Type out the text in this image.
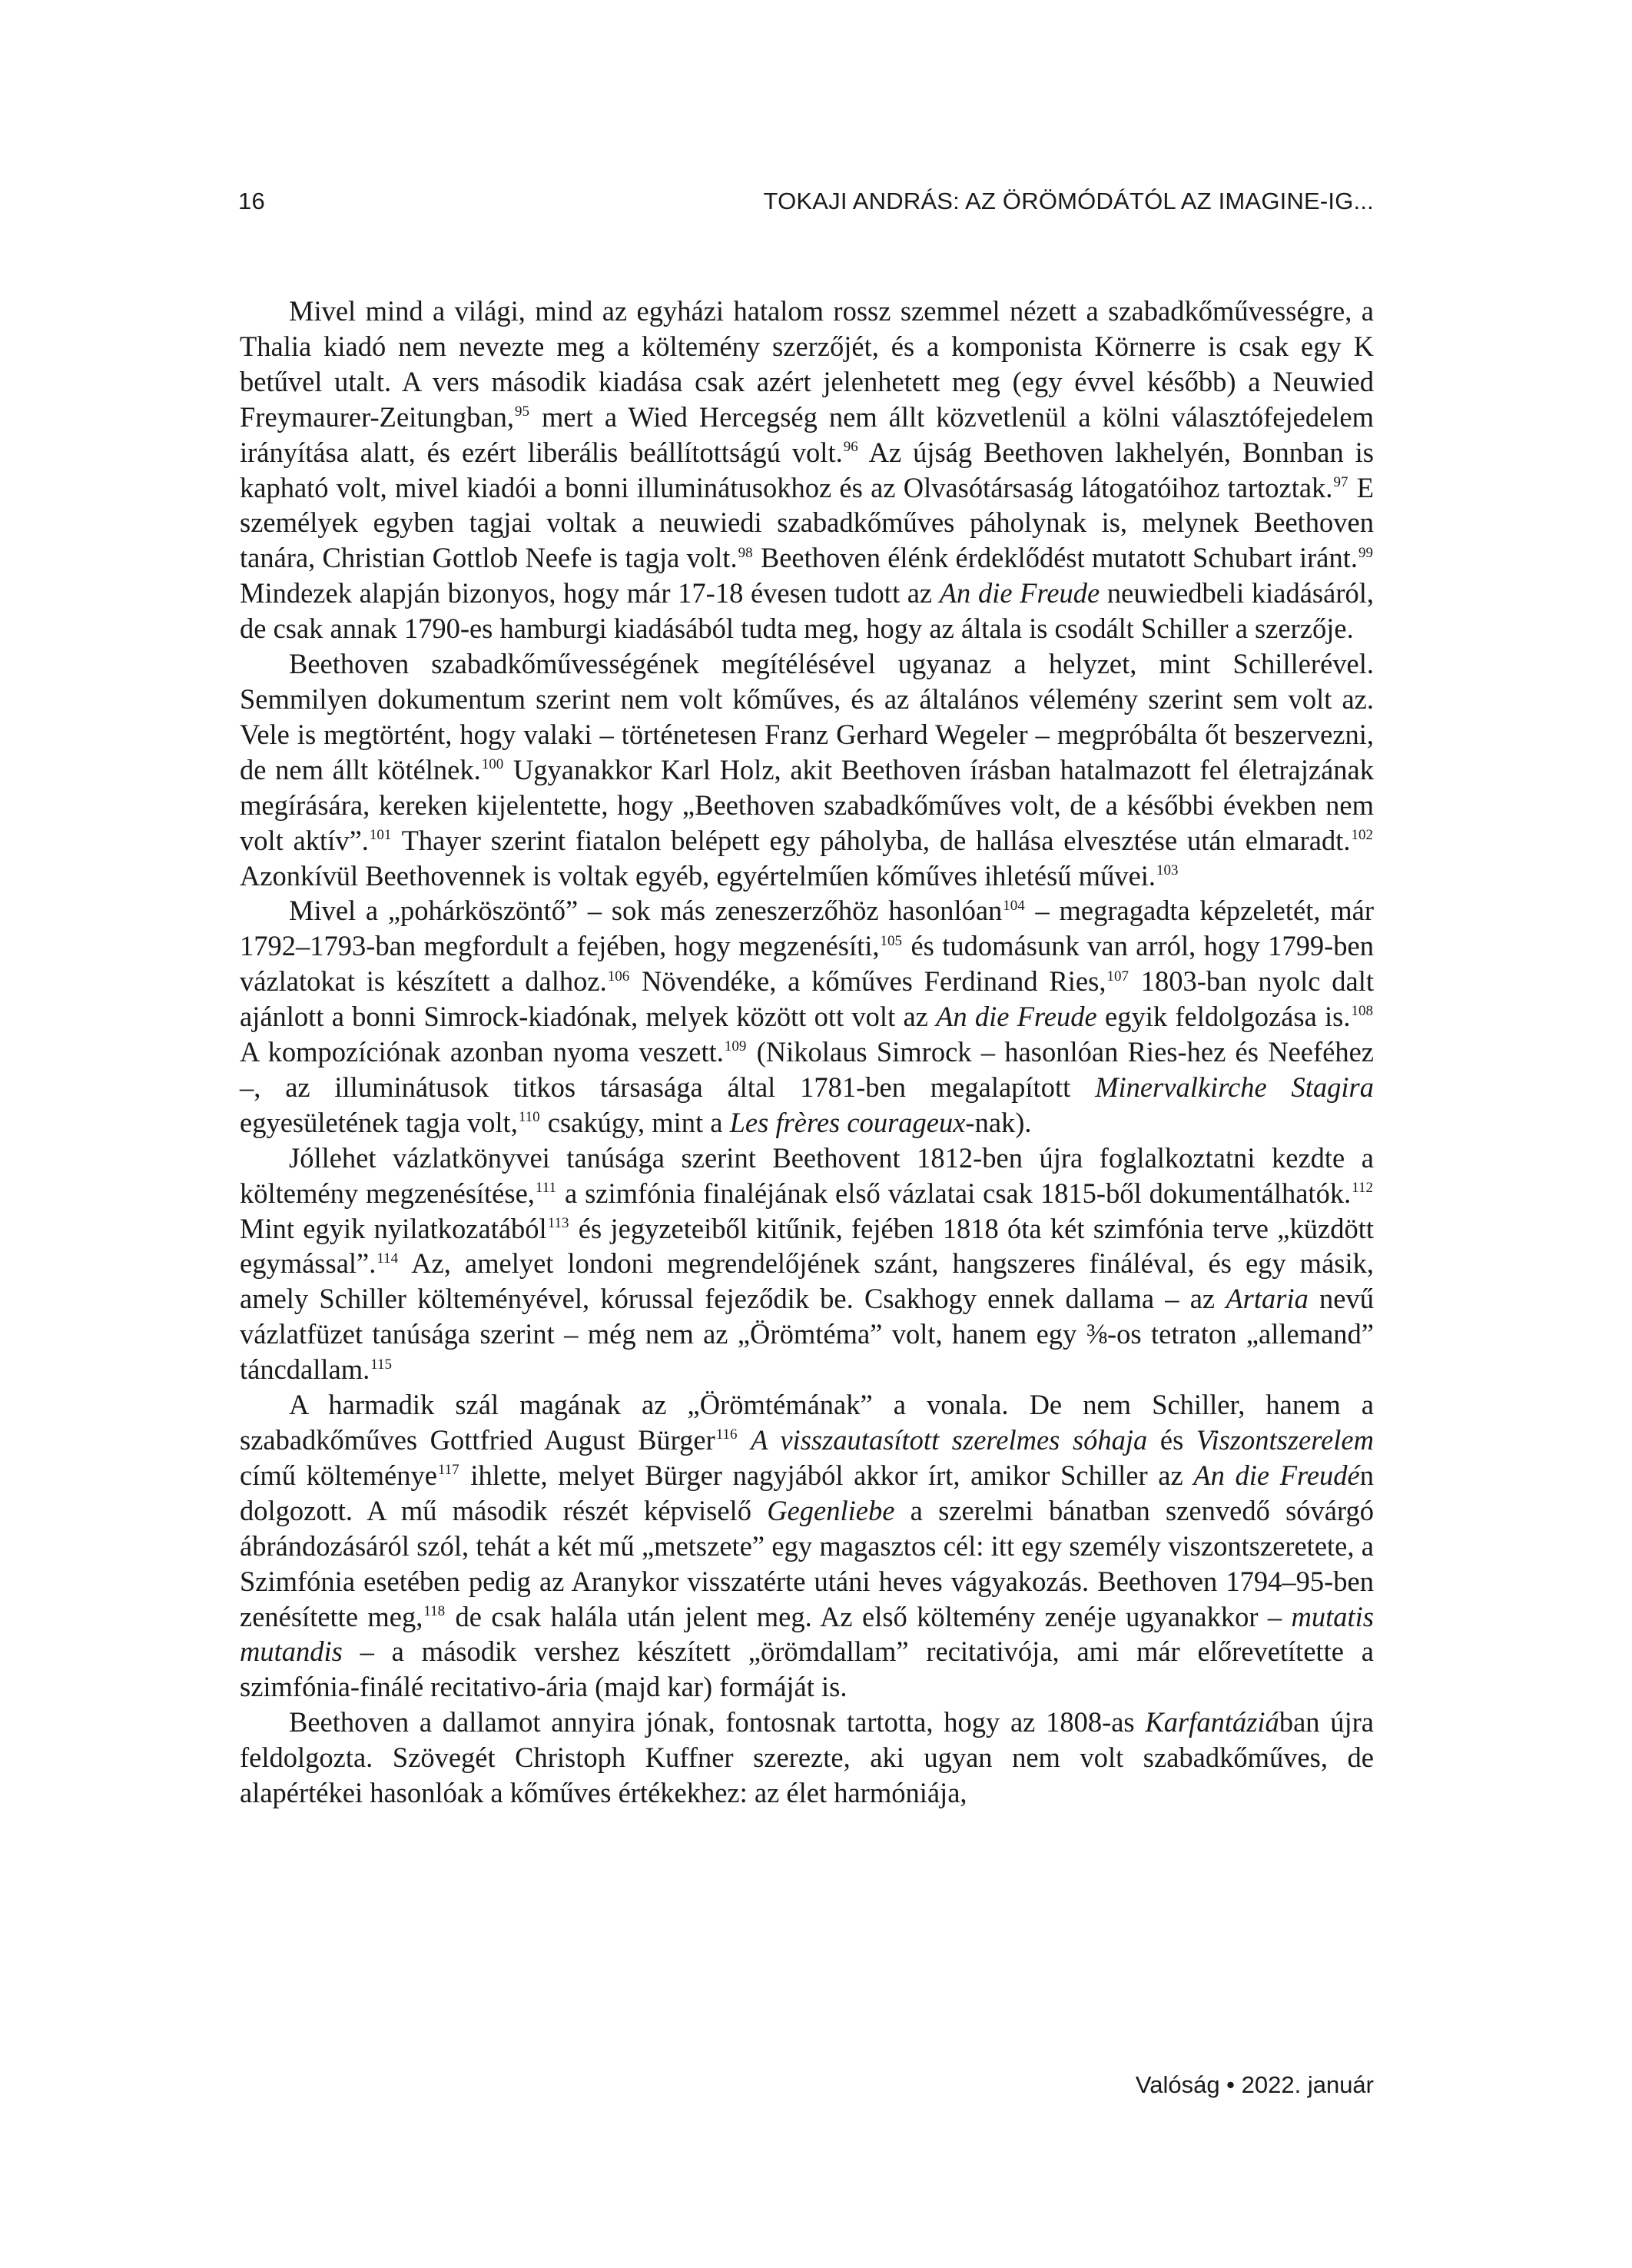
16	TOKAJI ANDRÁS: AZ ÖRÖMÓDÁTÓL AZ IMAGINE-IG...

Mivel mind a világi, mind az egyházi hatalom rossz szemmel nézett a szabadkőművességre, a Thalia kiadó nem nevezte meg a költemény szerzőjét, és a komponista Körnerre is csak egy K betűvel utalt. A vers második kiadása csak azért jelenhetett meg (egy évvel később) a Neuwied Freymaurer-Zeitungban,$^{95}$ mert a Wied Hercegség nem állt közvetlenül a kölni választófejedelem irányítása alatt, és ezért liberális beállítottságú volt.$^{96}$ Az újság Beethoven lakhelyén, Bonnban is kapható volt, mivel kiadói a bonni illuminátusokhoz és az Olvasótársaság látogatóihoz tartoztak.$^{97}$ E személyek egyben tagjai voltak a neuwiedi szabadkőműves páholynak is, melynek Beethoven tanára, Christian Gottlob Neefe is tagja volt.$^{98}$ Beethoven élénk érdeklődést mutatott Schubart iránt.$^{99}$ Mindezek alapján bizonyos, hogy már 17-18 évesen tudott az An die Freude neuwiedbeli kiadásáról, de csak annak 1790-es hamburgi kiadásából tudta meg, hogy az általa is csodált Schiller a szerzője.

Beethoven szabadkőművességének megítélésével ugyanaz a helyzet, mint Schillerével. Semmilyen dokumentum szerint nem volt kőműves, és az általános vélemény szerint sem volt az. Vele is megtörtént, hogy valaki – történetesen Franz Gerhard Wegeler – megpróbálta őt beszervezni, de nem állt kötélnek.$^{100}$ Ugyanakkor Karl Holz, akit Beethoven írásban hatalmazott fel életrajzának megírására, kereken kijelentette, hogy „Beethoven szabadkőműves volt, de a későbbi években nem volt aktív”.$^{101}$ Thayer szerint fiatalon belépett egy páholyba, de hallása elvesztése után elmaradt.$^{102}$ Azonkívül Beethovennek is voltak egyéb, egyértelműen kőműves ihletésű művei.$^{103}$

Mivel a „pohárköszöntő” – sok más zeneszerzőhöz hasonlóan$^{104}$ – megragadta képzeletét, már 1792–1793-ban megfordult a fejében, hogy megzenésíti,$^{105}$ és tudomásunk van arról, hogy 1799-ben vázlatokat is készített a dalhoz.$^{106}$ Növendéke, a kőműves Ferdinand Ries,$^{107}$ 1803-ban nyolc dalt ajánlott a bonni Simrock-kiadónak, melyek között ott volt az An die Freude egyik feldolgozása is.$^{108}$ A kompozíciónak azonban nyoma veszett.$^{109}$ (Nikolaus Simrock – hasonlóan Ries-hez és Neeféhez –, az illuminátusok titkos társasága által 1781-ben megalapított Minervalkirche Stagira egyesületének tagja volt,$^{110}$ csakúgy, mint a Les frères courageux-nak).

Jóllehet vázlatkönyvei tanúsága szerint Beethovent 1812-ben újra foglalkoztatni kezdte a költemény megzenésítése,$^{111}$ a szimfónia finaléjának első vázlatai csak 1815-ből dokumentálhatók.$^{112}$ Mint egyik nyilatkozatából$^{113}$ és jegyzeteiből kitűnik, fejében 1818 óta két szimfónia terve „küzdött egymással”.$^{114}$ Az, amelyet londoni megrendelőjének szánt, hangszeres fináléval, és egy másik, amely Schiller költeményével, kórussal fejeződik be. Csakhogy ennek dallama – az Artaria nevű vázlatfüzet tanúsága szerint – még nem az „Örömtéma” volt, hanem egy ⅜-os tetraton „allemand” táncdallam.$^{115}$

A harmadik szál magának az „Örömtémának” a vonala. De nem Schiller, hanem a szabadkőműves Gottfried August Bürger$^{116}$ A visszautasított szerelmes sóhaja és Viszontszerelem című költeménye$^{117}$ ihlette, melyet Bürger nagyjából akkor írt, amikor Schiller az An die Freudén dolgozott. A mű második részét képviselő Gegenliebe a szerelmi bánatban szenvedő sóvárgó ábrándozásáról szól, tehát a két mű „metszete” egy magasztos cél: itt egy személy viszontszeretete, a Szimfónia esetében pedig az Aranykor visszatérte utáni heves vágyakozás. Beethoven 1794–95-ben zenésítette meg,$^{118}$ de csak halála után jelent meg. Az első költemény zenéje ugyanakkor – mutatis mutandis – a második vershez készített „örömdallam” recitativója, ami már előrevetítette a szimfónia-finálé recitativo-ária (majd kar) formáját is.

Beethoven a dallamot annyira jónak, fontosnak tartotta, hogy az 1808-as Karfantáziában újra feldolgozta. Szövegét Christoph Kuffner szerezte, aki ugyan nem volt szabadkőműves, de alapértékei hasonlóak a kőműves értékekhez: az élet harmóniája,

Valóság • 2022. január
